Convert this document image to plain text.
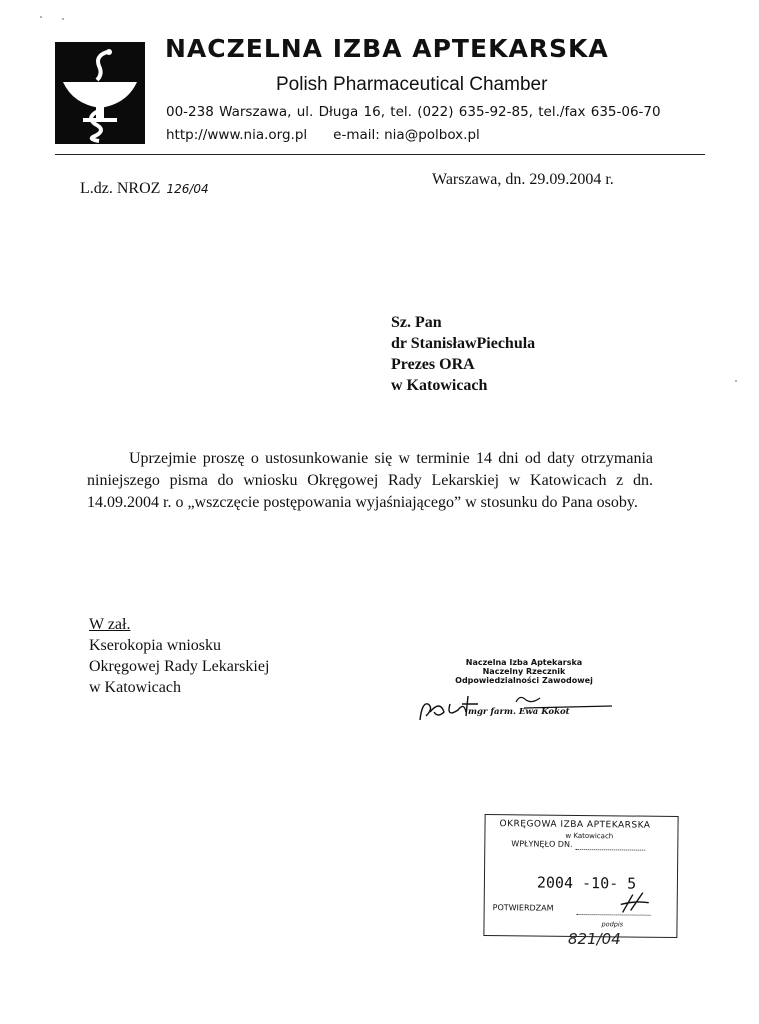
NACZELNA IZBA APTEKARSKA
Polish Pharmaceutical Chamber
00-238 Warszawa, ul. Długa 16, tel. (022) 635-92-85, tel./fax 635-06-70
http://www.nia.org.pl e-mail: nia@polbox.pl
L.dz. NROZ 126/04
Warszawa, dn. 29.09.2004 r.
Sz. Pan
dr StanisławPiechula
Prezes ORA
w Katowicach
Uprzejmie proszę o ustosunkowanie się w terminie 14 dni od daty otrzymania niniejszego pisma do wniosku Okręgowej Rady Lekarskiej w Katowicach z dn. 14.09.2004 r. o „wszczęcie postępowania wyjaśniającego” w stosunku do Pana osoby.
W zał.
Kserokopia wniosku
Okręgowej Rady Lekarskiej
w Katowicach
Naczelna Izba Aptekarska
Naczelny Rzecznik
Odpowiedzialności Zawodowej
mgr farm. Ewa Kokot
OKRĘGOWA IZBA APTEKARSKA
w Katowicach
WPŁYNĘŁO DN.
2004 -10- 5
POTWIERDZAM
podpis
821/04
